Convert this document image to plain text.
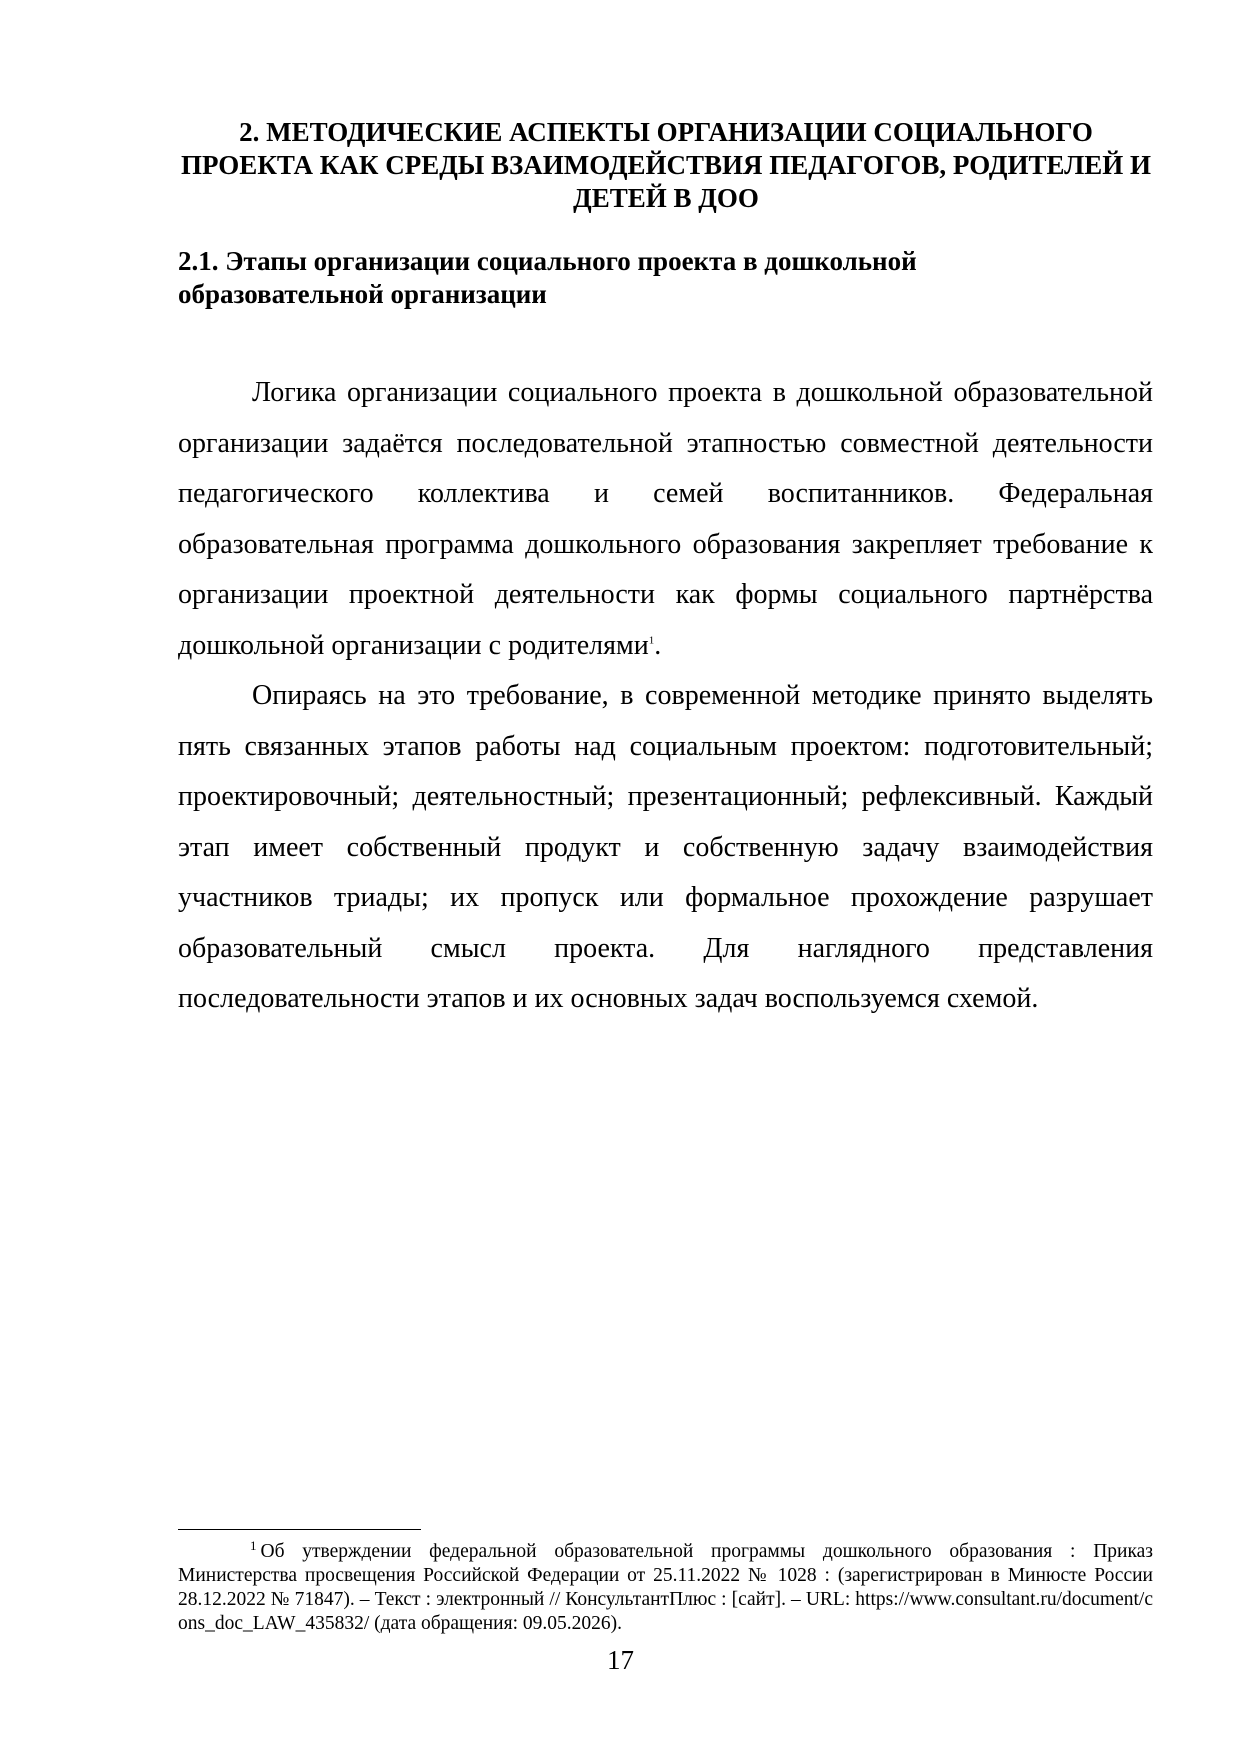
2. МЕТОДИЧЕСКИЕ АСПЕКТЫ ОРГАНИЗАЦИИ СОЦИАЛЬНОГО ПРОЕКТА КАК СРЕДЫ ВЗАИМОДЕЙСТВИЯ ПЕДАГОГОВ, РОДИТЕЛЕЙ И ДЕТЕЙ В ДОО
2.1. Этапы организации социального проекта в дошкольной образовательной организации

Логика организации социального проекта в дошкольной образовательной организации задаётся последовательной этапностью совместной деятельности педагогического коллектива и семей воспитанников. Федеральная образовательная программа дошкольного образования закрепляет требование к организации проектной деятельности как формы социального партнёрства дошкольной организации с родителями$^1$.

Опираясь на это требование, в современной методике принято выделять пять связанных этапов работы над социальным проектом: подготовительный; проектировочный; деятельностный; презентационный; рефлексивный. Каждый этап имеет собственный продукт и собственную задачу взаимодействия участников триады; их пропуск или формальное прохождение разрушает образовательный смысл проекта. Для наглядного представления последовательности этапов и их основных задач воспользуемся схемой.

$^1$ Об утверждении федеральной образовательной программы дошкольного образования : Приказ Министерства просвещения Российской Федерации от 25.11.2022 № 1028 : (зарегистрирован в Минюсте России 28.12.2022 № 71847). – Текст : электронный // КонсультантПлюс : [сайт]. – URL: https://www.consultant.ru/document/cons_doc_LAW_435832/ (дата обращения: 09.05.2026).

17
